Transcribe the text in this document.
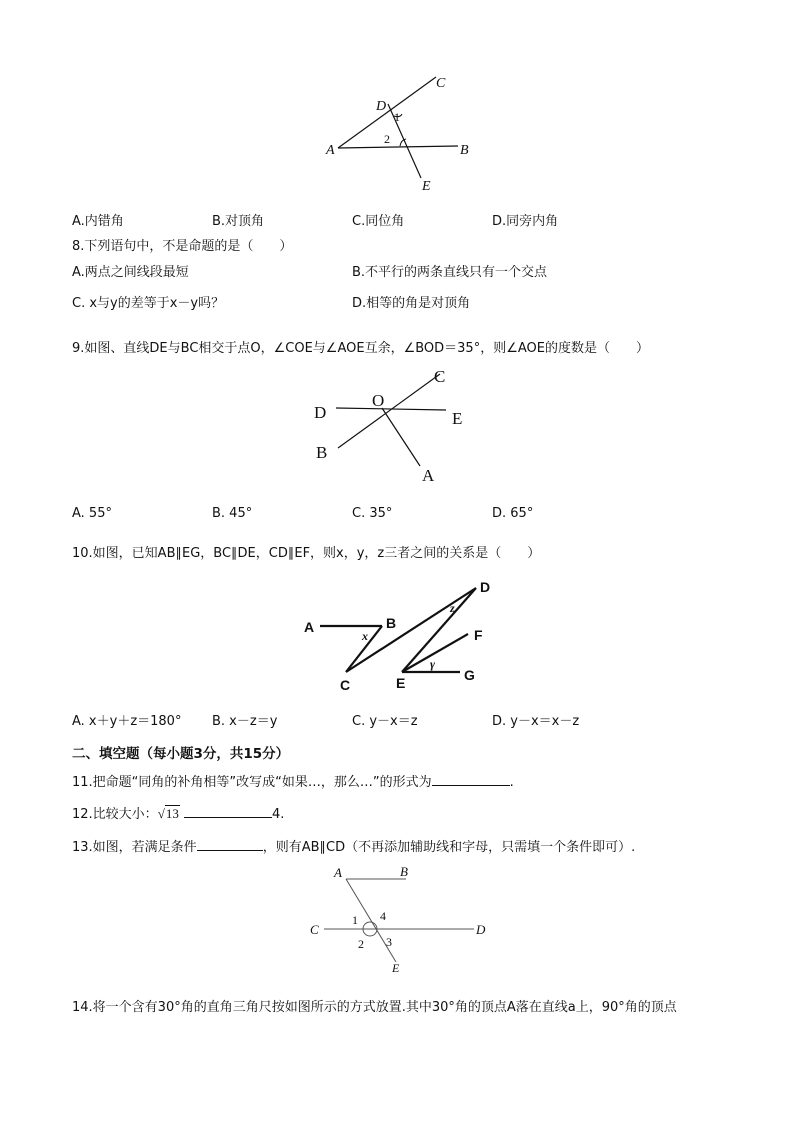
C
D
1
A
2
B
E
A.内错角	B.对顶角	C.同位角	D.同旁内角
8.下列语句中，不是命题的是（　　）
A.两点之间线段最短	B.不平行的两条直线只有一个交点
C. x与y的差等于x－y吗？	D.相等的角是对顶角
9.如图、直线DE与BC相交于点O，∠COE与∠AOE互余，∠BOD＝35°，则∠AOE的度数是（　　）
C
D
O
E
B
A
A. 55°	B. 45°	C. 35°	D. 65°
10.如图，已知AB∥EG，BC∥DE，CD∥EF，则x，y，z三者之间的关系是（　　）
A	B
x
D
z
F
γ
C	E	G
A. x＋y＋z＝180° B. x－z＝y	C. y－x＝z	D. y－x＝x－z
二、填空题（每小题3分，共15分）
11.把命题“同角的补角相等”改写成“如果…，那么…”的形式为	.
12.比较大小：√13	4.
13.如图，若满足条件	，则有AB∥CD（不再添加辅助线和字母，只需填一个条件即可）.
A	B
1 4
C	D
2 3
E
14.将一个含有30°角的直角三角尺按如图所示的方式放置.其中30°角的顶点A落在直线a上，90°角的顶点
